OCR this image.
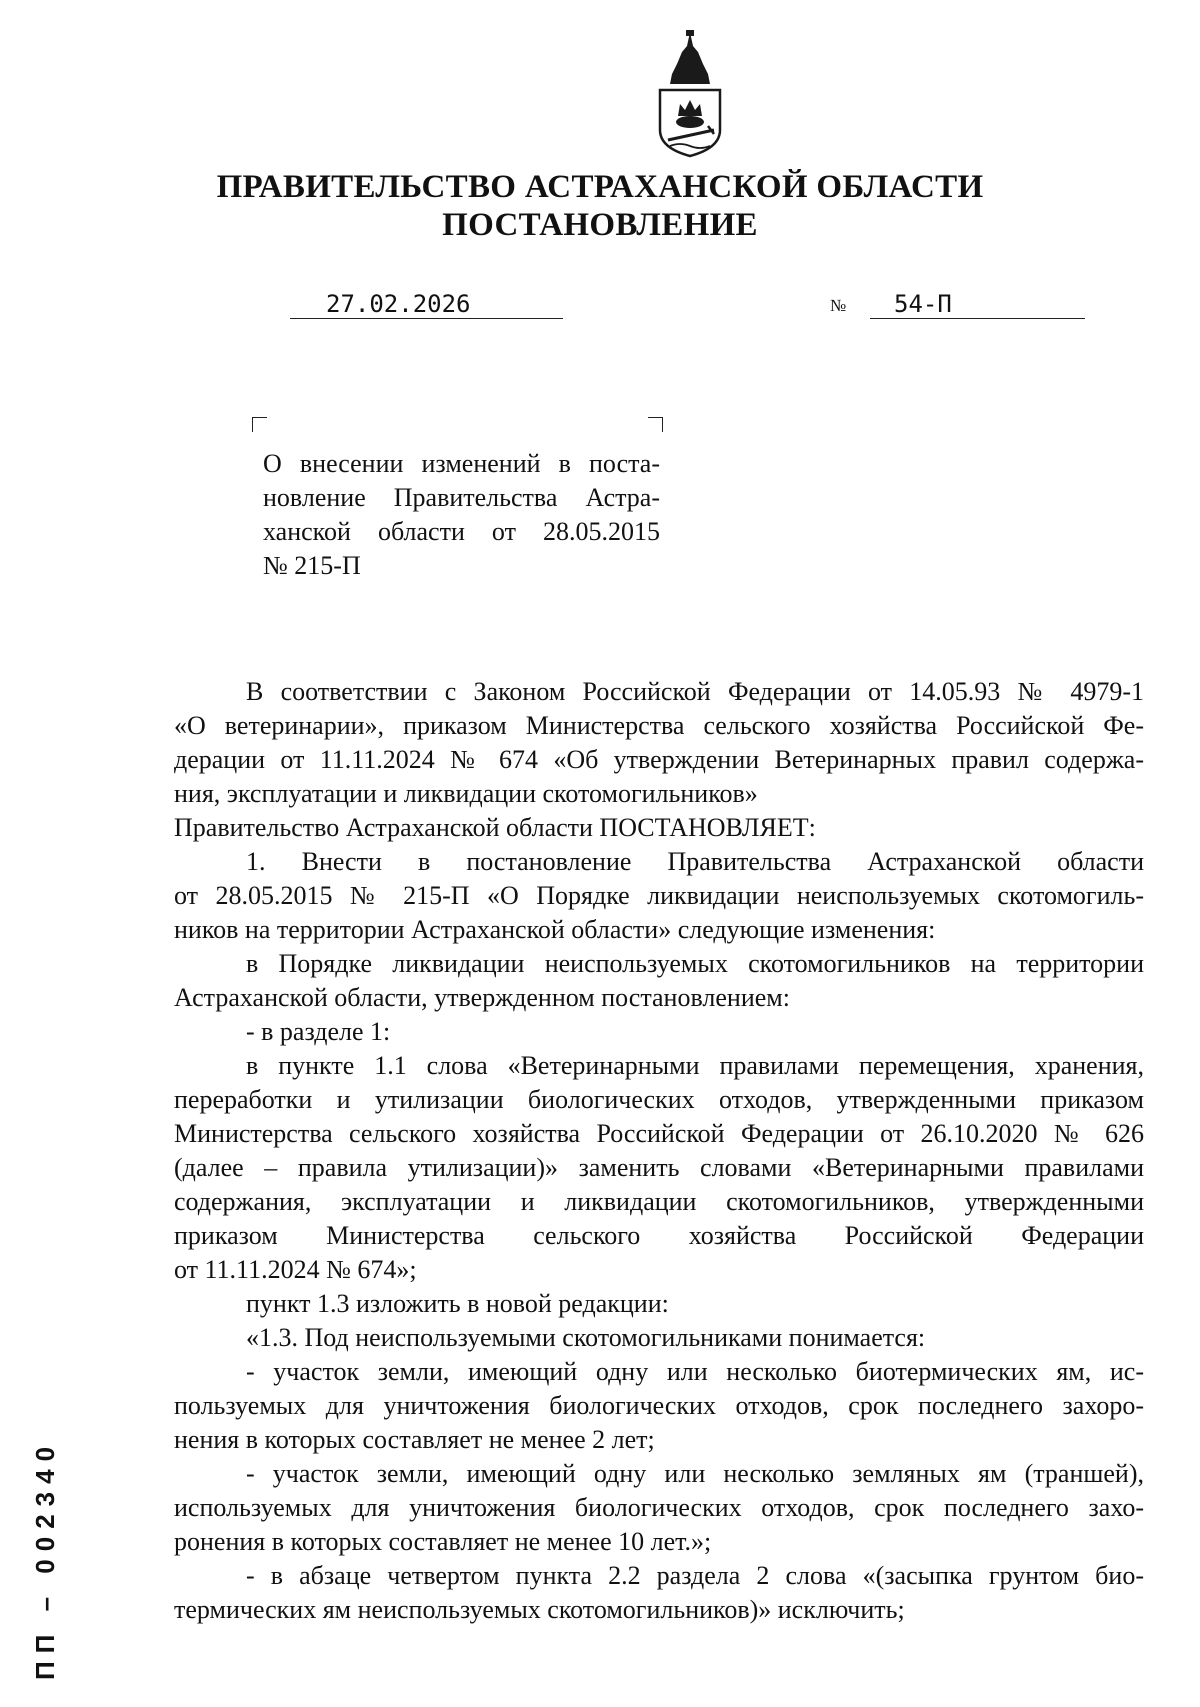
ПРАВИТЕЛЬСТВО АСТРАХАНСКОЙ ОБЛАСТИ
ПОСТАНОВЛЕНИЕ
27.02.2026	№ 54-П
О внесении изменений в поста-
новление Правительства Астра-
ханской области от 28.05.2015
№ 215-П

В соответствии с Законом Российской Федерации от 14.05.93 № 4979-1
«О ветеринарии», приказом Министерства сельского хозяйства Российской Фе-
дерации от 11.11.2024 № 674 «Об утверждении Ветеринарных правил содержа-
ния, эксплуатации и ликвидации скотомогильников»

Правительство Астраханской области ПОСТАНОВЛЯЕТ:

1. Внести в постановление Правительства Астраханской области
от 28.05.2015 № 215-П «О Порядке ликвидации неиспользуемых скотомогиль-
ников на территории Астраханской области» следующие изменения:

в Порядке ликвидации неиспользуемых скотомогильников на территории
Астраханской области, утвержденном постановлением:

- в разделе 1:

в пункте 1.1 слова «Ветеринарными правилами перемещения, хранения,
переработки и утилизации биологических отходов, утвержденными приказом
Министерства сельского хозяйства Российской Федерации от 26.10.2020 № 626
(далее – правила утилизации)» заменить словами «Ветеринарными правилами
содержания, эксплуатации и ликвидации скотомогильников, утвержденными
приказом Министерства сельского хозяйства Российской Федерации
от 11.11.2024 № 674»;

пункт 1.3 изложить в новой редакции:

«1.3. Под неиспользуемыми скотомогильниками понимается:

- участок земли, имеющий одну или несколько биотермических ям, ис-
пользуемых для уничтожения биологических отходов, срок последнего захоро-
нения в которых составляет не менее 2 лет;

- участок земли, имеющий одну или несколько земляных ям (траншей),
используемых для уничтожения биологических отходов, срок последнего захо-
ронения в которых составляет не менее 10 лет.»;

- в абзаце четвертом пункта 2.2 раздела 2 слова «(засыпка грунтом био-
термических ям неиспользуемых скотомогильников)» исключить;

ПП – 002340
